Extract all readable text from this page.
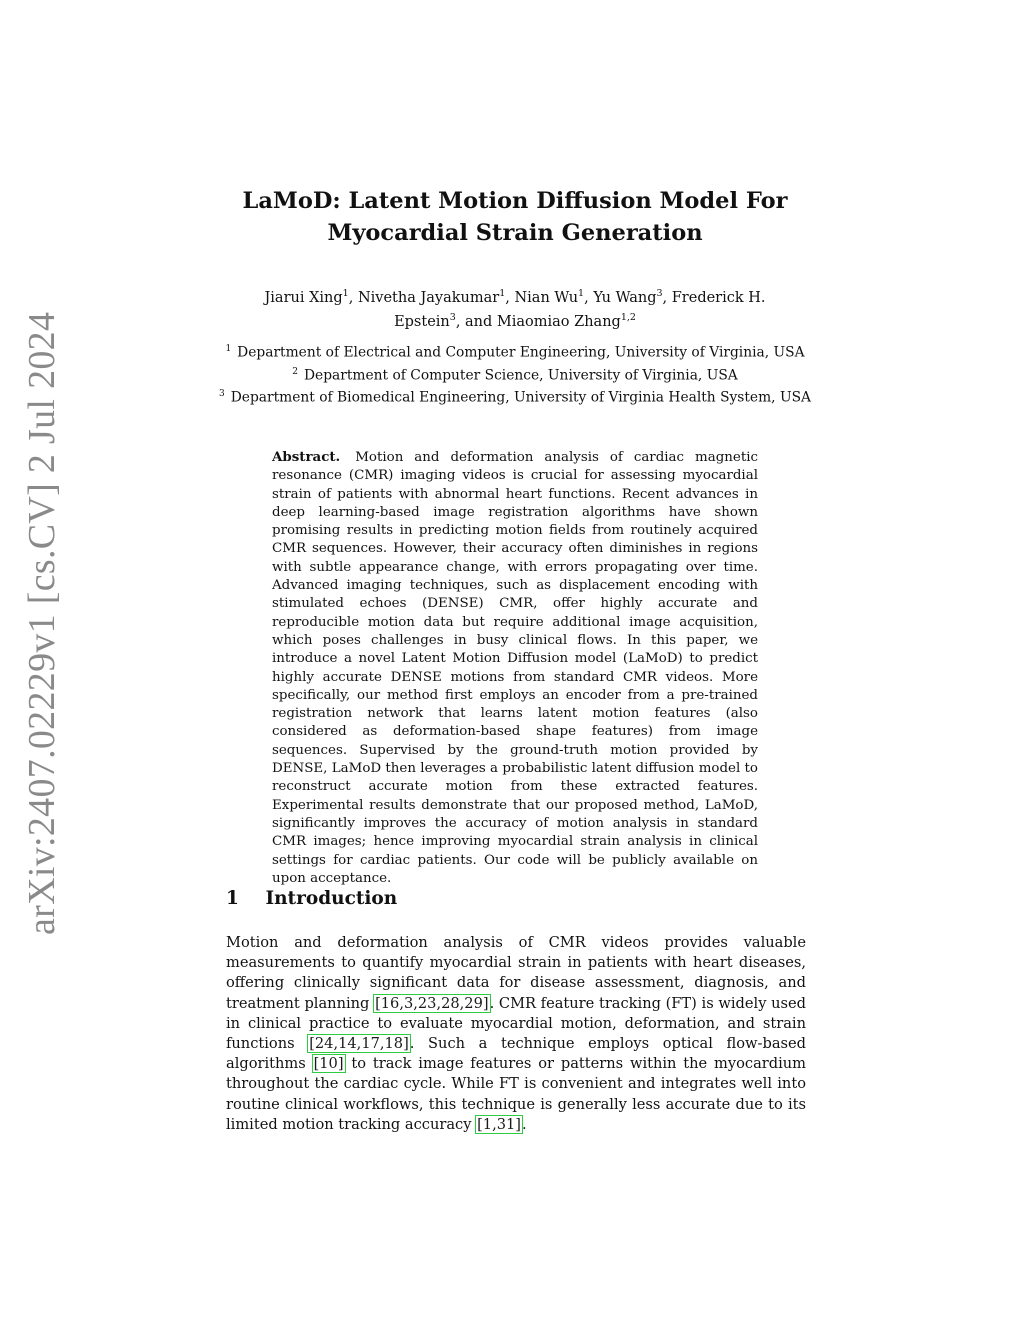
arXiv:2407.02229v1 [cs.CV] 2 Jul 2024
LaMoD: Latent Motion Diffusion Model For Myocardial Strain Generation
Jiarui Xing$^1$, Nivetha Jayakumar$^1$, Nian Wu$^1$, Yu Wang$^3$, Frederick H. Epstein$^3$, and Miaomiao Zhang$^{1,2}$
$^1$ Department of Electrical and Computer Engineering, University of Virginia, USA
$^2$ Department of Computer Science, University of Virginia, USA
$^3$ Department of Biomedical Engineering, University of Virginia Health System, USA
Abstract. Motion and deformation analysis of cardiac magnetic resonance (CMR) imaging videos is crucial for assessing myocardial strain of patients with abnormal heart functions. Recent advances in deep learning-based image registration algorithms have shown promising results in predicting motion fields from routinely acquired CMR sequences. However, their accuracy often diminishes in regions with subtle appearance change, with errors propagating over time. Advanced imaging techniques, such as displacement encoding with stimulated echoes (DENSE) CMR, offer highly accurate and reproducible motion data but require additional image acquisition, which poses challenges in busy clinical flows. In this paper, we introduce a novel Latent Motion Diffusion model (LaMoD) to predict highly accurate DENSE motions from standard CMR videos. More specifically, our method first employs an encoder from a pre-trained registration network that learns latent motion features (also considered as deformation-based shape features) from image sequences. Supervised by the ground-truth motion provided by DENSE, LaMoD then leverages a probabilistic latent diffusion model to reconstruct accurate motion from these extracted features. Experimental results demonstrate that our proposed method, LaMoD, significantly improves the accuracy of motion analysis in standard CMR images; hence improving myocardial strain analysis in clinical settings for cardiac patients. Our code will be publicly available on upon acceptance.
1 Introduction
Motion and deformation analysis of CMR videos provides valuable measurements to quantify myocardial strain in patients with heart diseases, offering clinically significant data for disease assessment, diagnosis, and treatment planning [16,3,23,28,29]. CMR feature tracking (FT) is widely used in clinical practice to evaluate myocardial motion, deformation, and strain functions [24,14,17,18]. Such a technique employs optical flow-based algorithms [10] to track image features or patterns within the myocardium throughout the cardiac cycle. While FT is convenient and integrates well into routine clinical workflows, this technique is generally less accurate due to its limited motion tracking accuracy [1,31].
